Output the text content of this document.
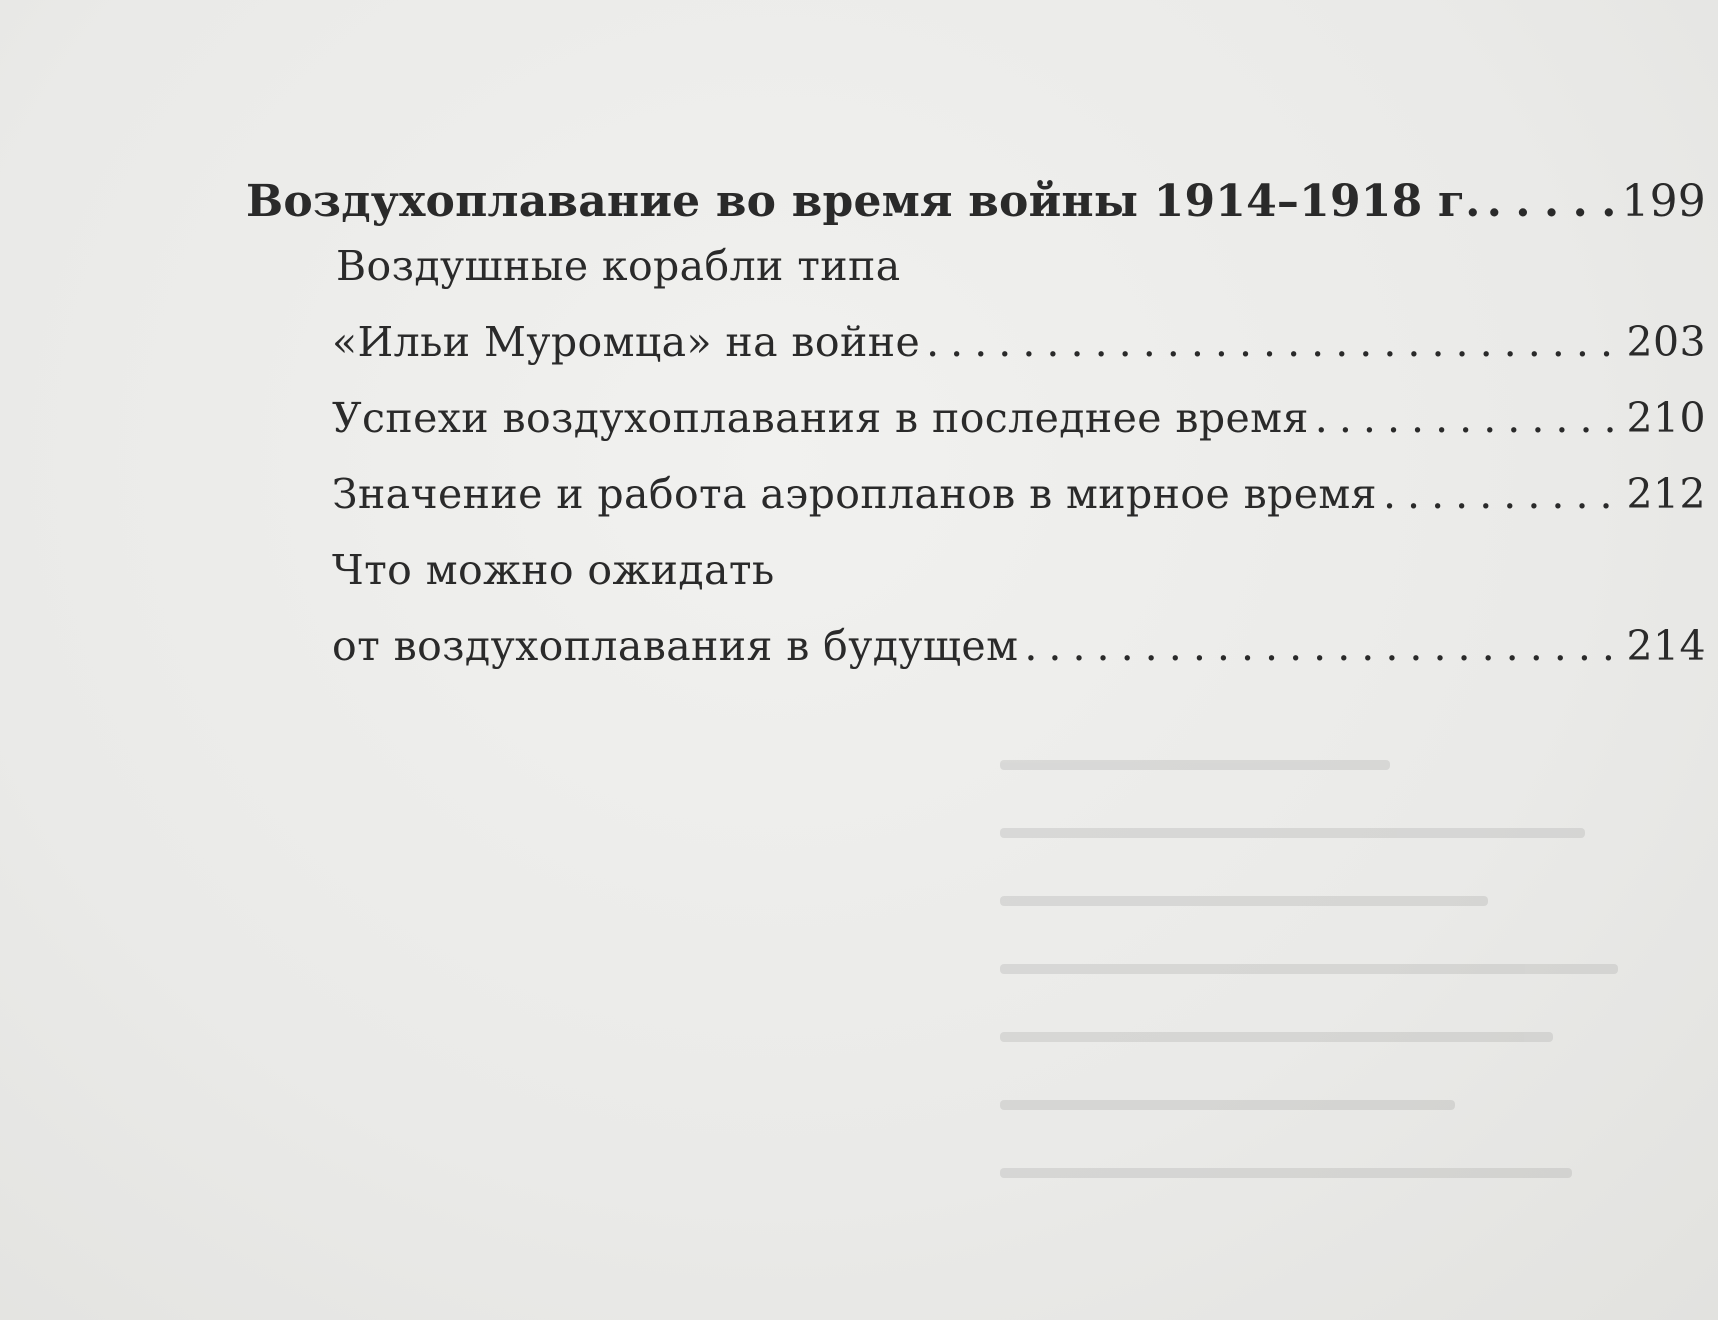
Воздухоплавание во время войны 1914–1918 г. . . .	199
Воздушные корабли типа
«Ильи Муромца» на войне . . .	203
Успехи воздухоплавания в последнее время . . .	210
Значение и работа аэропланов в мирное время . . .	212
Что можно ожидать
от воздухоплавания в будущем . . .	214
